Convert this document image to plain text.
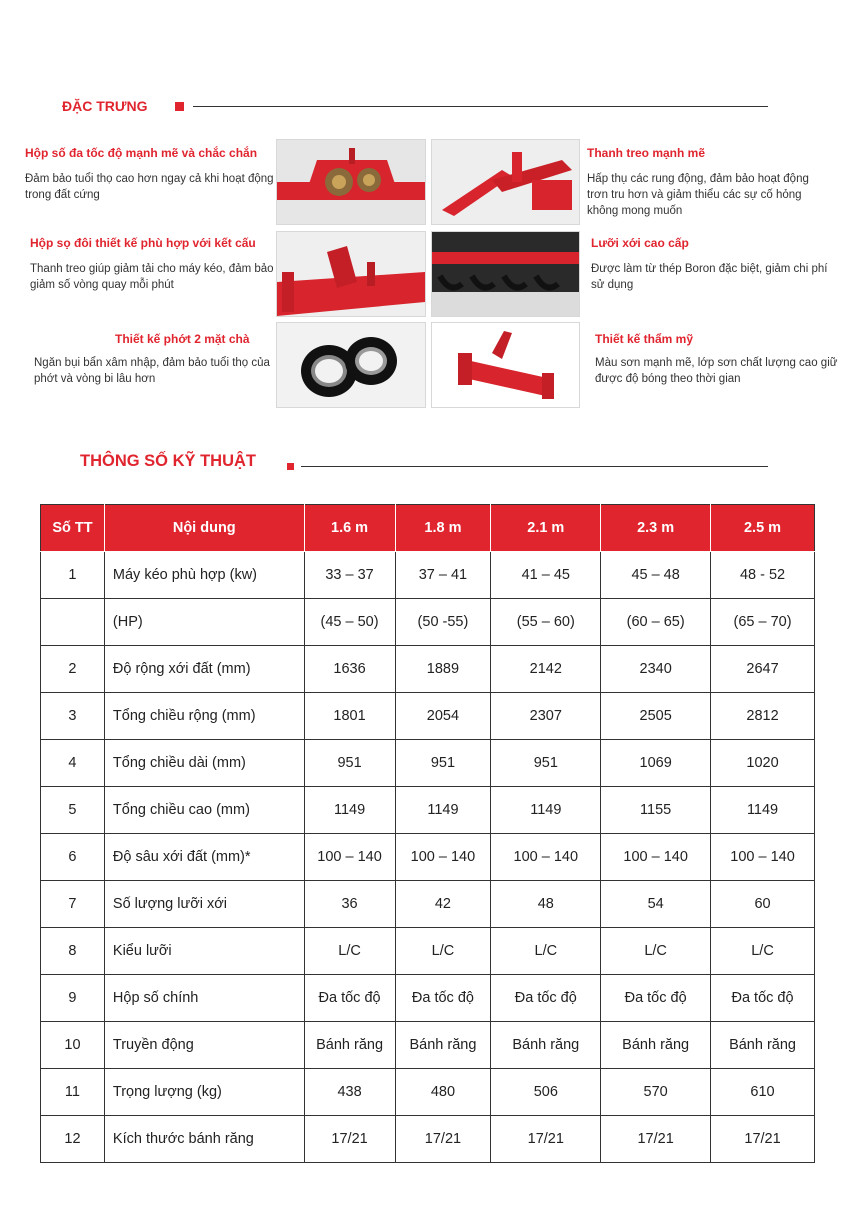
ĐẶC TRƯNG
Hộp số đa tốc độ mạnh mẽ và chắc chắn
Đảm bảo tuổi thọ cao hơn ngay cả khi hoạt động trong đất cứng
Thanh treo mạnh mẽ
Hấp thụ các rung động, đảm bảo hoạt động trơn tru hơn và giảm thiểu các sự cố hỏng không mong muốn
Hộp sọ đôi thiết kế phù hợp với kết cấu
Thanh treo giúp giảm tải cho máy kéo, đảm bảo giảm số vòng quay mỗi phút
Lưỡi xới cao cấp
Được làm từ thép Boron đặc biệt, giảm chi phí sử dụng
Thiết kế phớt 2 mặt chà
Ngăn bụi bẩn xâm nhập, đảm bảo tuổi thọ của phớt và vòng bi lâu hơn
Thiết kế thẩm mỹ
Màu sơn mạnh mẽ, lớp sơn chất lượng cao giữ được độ bóng theo thời gian
THÔNG SỐ KỸ THUẬT
Số TT	Nội dung	1.6 m	1.8 m	2.1 m	2.3 m	2.5 m
1	Máy kéo phù hợp (kw)	33 – 37	37 – 41	41 – 45	45 – 48	48 - 52
	(HP)	(45 – 50)	(50 -55)	(55 – 60)	(60 – 65)	(65 – 70)
2	Độ rộng xới đất (mm)	1636	1889	2142	2340	2647
3	Tổng chiều rộng (mm)	1801	2054	2307	2505	2812
4	Tổng chiều dài (mm)	951	951	951	1069	1020
5	Tổng chiều cao (mm)	1149	1149	1149	1155	1149
6	Độ sâu xới đất (mm)*	100 – 140	100 – 140	100 – 140	100 – 140	100 – 140
7	Số lượng lưỡi xới	36	42	48	54	60
8	Kiểu lưỡi	L/C	L/C	L/C	L/C	L/C
9	Hộp số chính	Đa tốc độ	Đa tốc độ	Đa tốc độ	Đa tốc độ	Đa tốc độ
10	Truyền động	Bánh răng	Bánh răng	Bánh răng	Bánh răng	Bánh răng
11	Trọng lượng (kg)	438	480	506	570	610
12	Kích thước bánh răng	17/21	17/21	17/21	17/21	17/21
